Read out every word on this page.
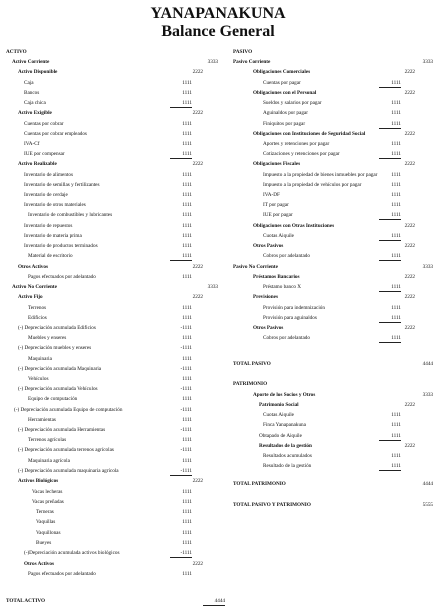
YANAPANAKUNA
Balance General
ACTIVO
Activo Corriente	3333
Activo Disponible	2222
Caja	1111
Bancos	1111
Caja chica	1111
Activo Exigible	2222
Cuentas por cobrar	1111
Cuentas por cobrar empleados	1111
IVA-Cf	1111
IUE por compensar	1111
Activo Realizable	2222
Inventario de alimentos	1111
Inventario de semillas y fertilizantes	1111
Inventario de cerdaje	1111
Inventario de otros materiales	1111
Inventario de combustibles y lubricantes	1111
Inventario de repuestos	1111
Inventario de materia prima	1111
Inventario de productos terminados	1111
Material de escritorio	1111
Otros Activos	2222
Pagos efectuados por adelantado	1111
Activo No Corriente	3333
Activo Fijo	2222
Terrenos	1111
Edificios	1111
(-) Depreciación acumulada Edificios	-1111
Muebles y enseres	1111
(-) Depreciación muebles y enseres	-1111
Maquinaria	1111
(-) Depreciación acumulada Maquinaria	-1111
Vehículos	1111
(-) Depreciación acumulada Vehículos	-1111
Equipo de computación	1111
(-) Depreciación acumulada Equipo de computación	-1111
Herramientas	1111
(-) Depreciación acumulada Herramientas	-1111
Terrenos agrícolas	1111
(-) Depreciación acumulada terrenos agrícolas	-1111
Maquinaria agrícola	1111
(-) Depreciación acumulada maquinaria agrícola	-1111
Activos Biológicos	2222
Vacas lecheras	1111
Vacas preñadas	1111
Terneras	1111
Vaquillas	1111
Vaquillonas	1111
Bueyes	1111
(-)Depreciación acumulada activos biológicos	-1111
Otros Activos	2222
Pagos efectuados por adelantado	1111
TOTAL ACTIVO	4444
PASIVO
Pasivo Corriente	3333
Obligaciones Comerciales	2222
Cuentas por pagar	1111
Obligaciones con el Personal	2222
Sueldos y salarios por pagar	1111
Aguinaldos por pagar	1111
Finiquitos por pagar	1111
Obligaciones con Instituciones de Seguridad Social	2222
Aportes y retenciones por pagar	1111
Cotizaciones y retenciones por pagar	1111
Obligaciones Fiscales	2222
Impuesto a la propiedad de bienes inmuebles por pagar	1111
Impuesto a la propiedad de vehículos por pagar	1111
IVA-DF	1111
IT por pagar	1111
IUE por pagar	1111
Obligaciones con Otras Instituciones	2222
Cuotas Aiquile	1111
Otros Pasivos	2222
Cobros por adelantado	1111
Pasivo No Corriente	3333
Préstamos Bancarios	2222
Préstamo banco X	1111
Previsiones	2222
Provisión para indemnización	1111
Provisión para aguinaldos	1111
Otros Pasivos	2222
Cobros por adelantado	1111
TOTAL PASIVO	4444
PATRIMONIO
Aporte de los Socios y Otros	3333
Patrimonio Social	2222
Cuotas Aiquile	1111
Finca Yanapanakuna	1111
Obtapado de Aiquile	1111
Resultados de la gestión	2222
Resultados acumulados	1111
Resultado de la gestión	1111
TOTAL PATRIMONIO	4444
TOTAL PASIVO Y PATRIMONIO	5555
